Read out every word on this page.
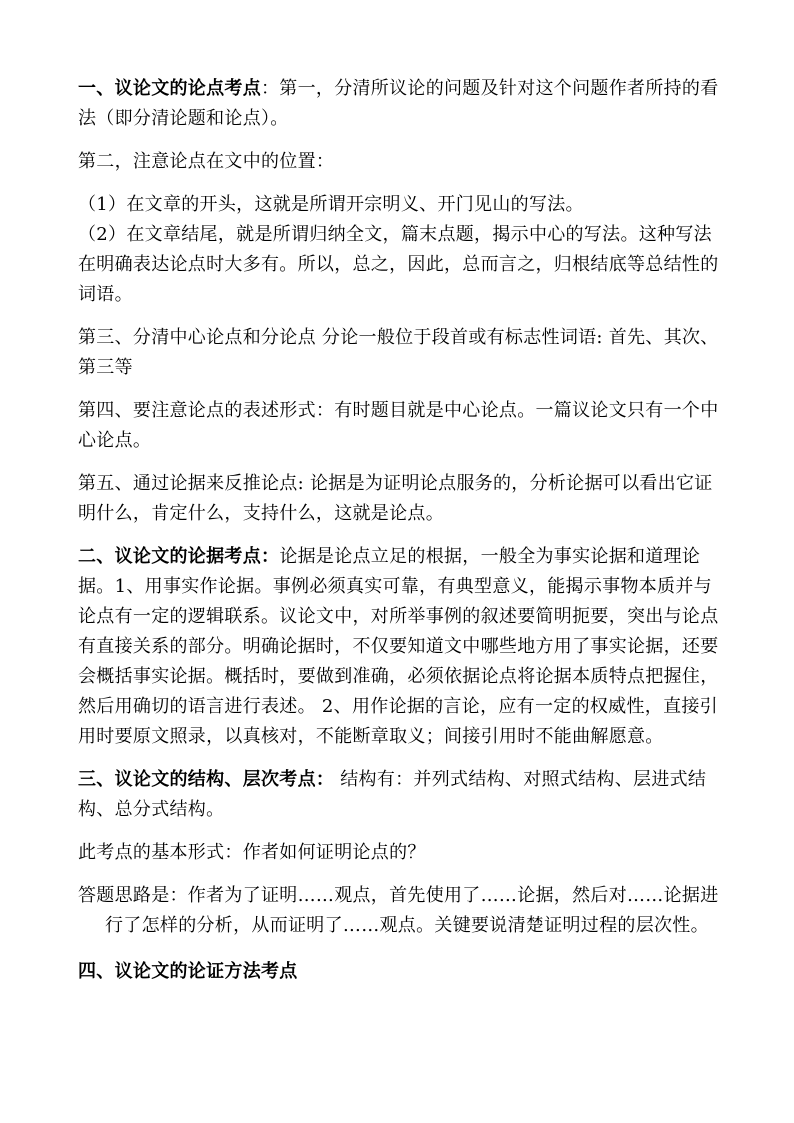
一、议论文的论点考点：第一，分清所议论的问题及针对这个问题作者所持的看法（即分清论题和论点）。

第二，注意论点在文中的位置：

（1）在文章的开头，这就是所谓开宗明义、开门见山的写法。

（2）在文章结尾，就是所谓归纳全文，篇末点题，揭示中心的写法。这种写法在明确表达论点时大多有。所以，总之，因此，总而言之，归根结底等总结性的词语。

第三、分清中心论点和分论点 分论一般位于段首或有标志性词语: 首先、其次、第三等

第四、要注意论点的表述形式：有时题目就是中心论点。一篇议论文只有一个中心论点。

第五、通过论据来反推论点: 论据是为证明论点服务的，分析论据可以看出它证明什么，肯定什么，支持什么，这就是论点。

二、议论文的论据考点：论据是论点立足的根据，一般全为事实论据和道理论据。1、用事实作论据。事例必须真实可靠，有典型意义，能揭示事物本质并与论点有一定的逻辑联系。议论文中，对所举事例的叙述要简明扼要，突出与论点有直接关系的部分。明确论据时，不仅要知道文中哪些地方用了事实论据，还要会概括事实论据。概括时，要做到准确，必须依据论点将论据本质特点把握住，然后用确切的语言进行表述。 2、用作论据的言论，应有一定的权威性，直接引用时要原文照录，以真核对，不能断章取义；间接引用时不能曲解愿意。

三、议论文的结构、层次考点： 结构有：并列式结构、对照式结构、层进式结构、总分式结构。

此考点的基本形式：作者如何证明论点的？

答题思路是：作者为了证明……观点，首先使用了……论据，然后对……论据进行了怎样的分析，从而证明了……观点。关键要说清楚证明过程的层次性。

四、议论文的论证方法考点
